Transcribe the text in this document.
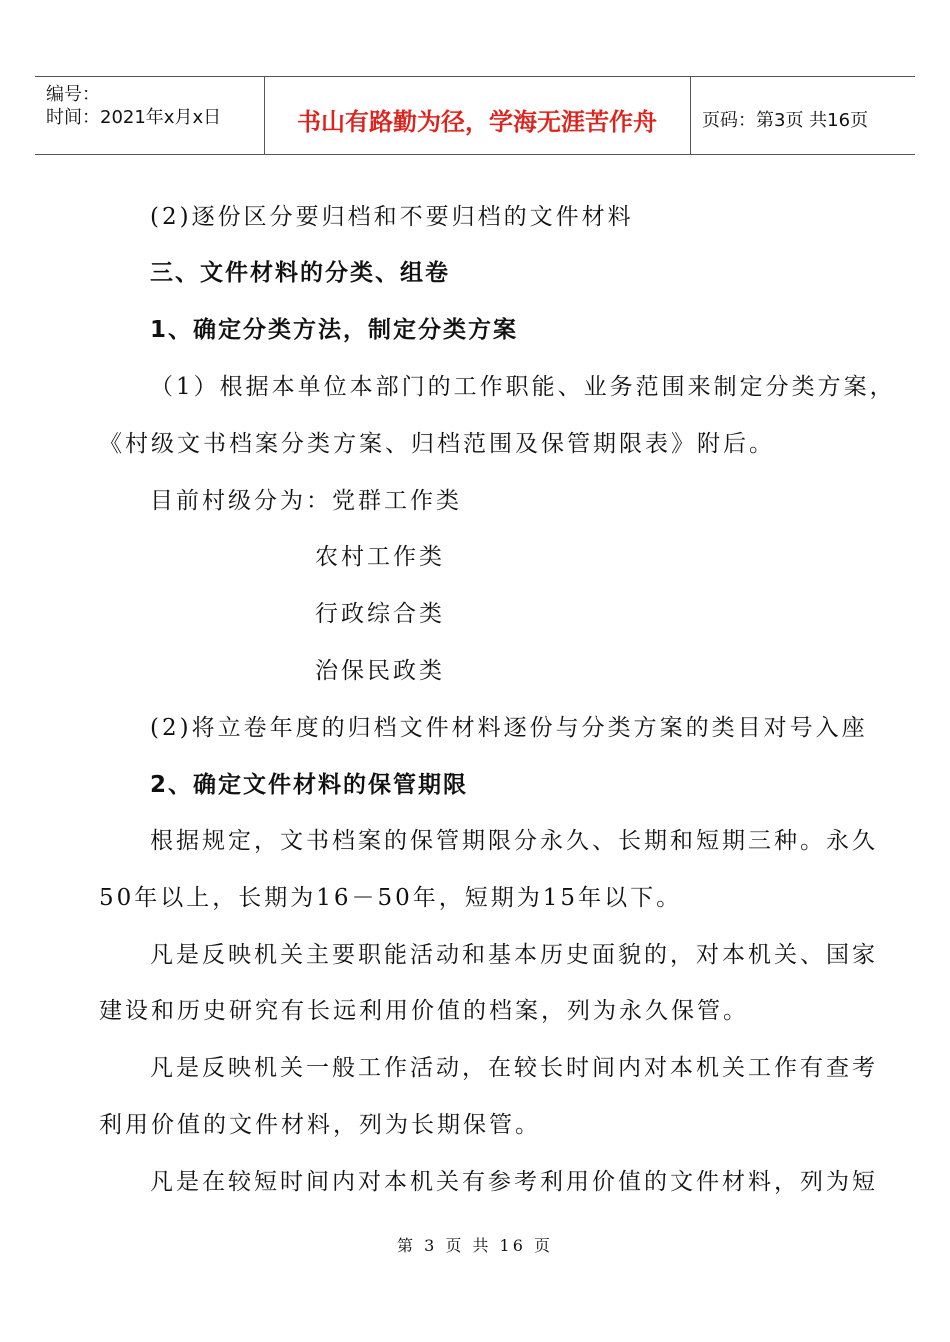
编号：
时间：2021年x月x日	书山有路勤为径，学海无涯苦作舟	页码：第3页 共16页
(2)逐份区分要归档和不要归档的文件材料
三、文件材料的分类、组卷
1、确定分类方法，制定分类方案
（1）根据本单位本部门的工作职能、业务范围来制定分类方案，
《村级文书档案分类方案、归档范围及保管期限表》附后。
目前村级分为：党群工作类
农村工作类
行政综合类
治保民政类
(2)将立卷年度的归档文件材料逐份与分类方案的类目对号入座
2、确定文件材料的保管期限
根据规定，文书档案的保管期限分永久、长期和短期三种。永久
50年以上，长期为16－50年，短期为15年以下。
凡是反映机关主要职能活动和基本历史面貌的，对本机关、国家
建设和历史研究有长远利用价值的档案，列为永久保管。
凡是反映机关一般工作活动，在较长时间内对本机关工作有查考
利用价值的文件材料，列为长期保管。
凡是在较短时间内对本机关有参考利用价值的文件材料，列为短
第 3 页 共 16 页
